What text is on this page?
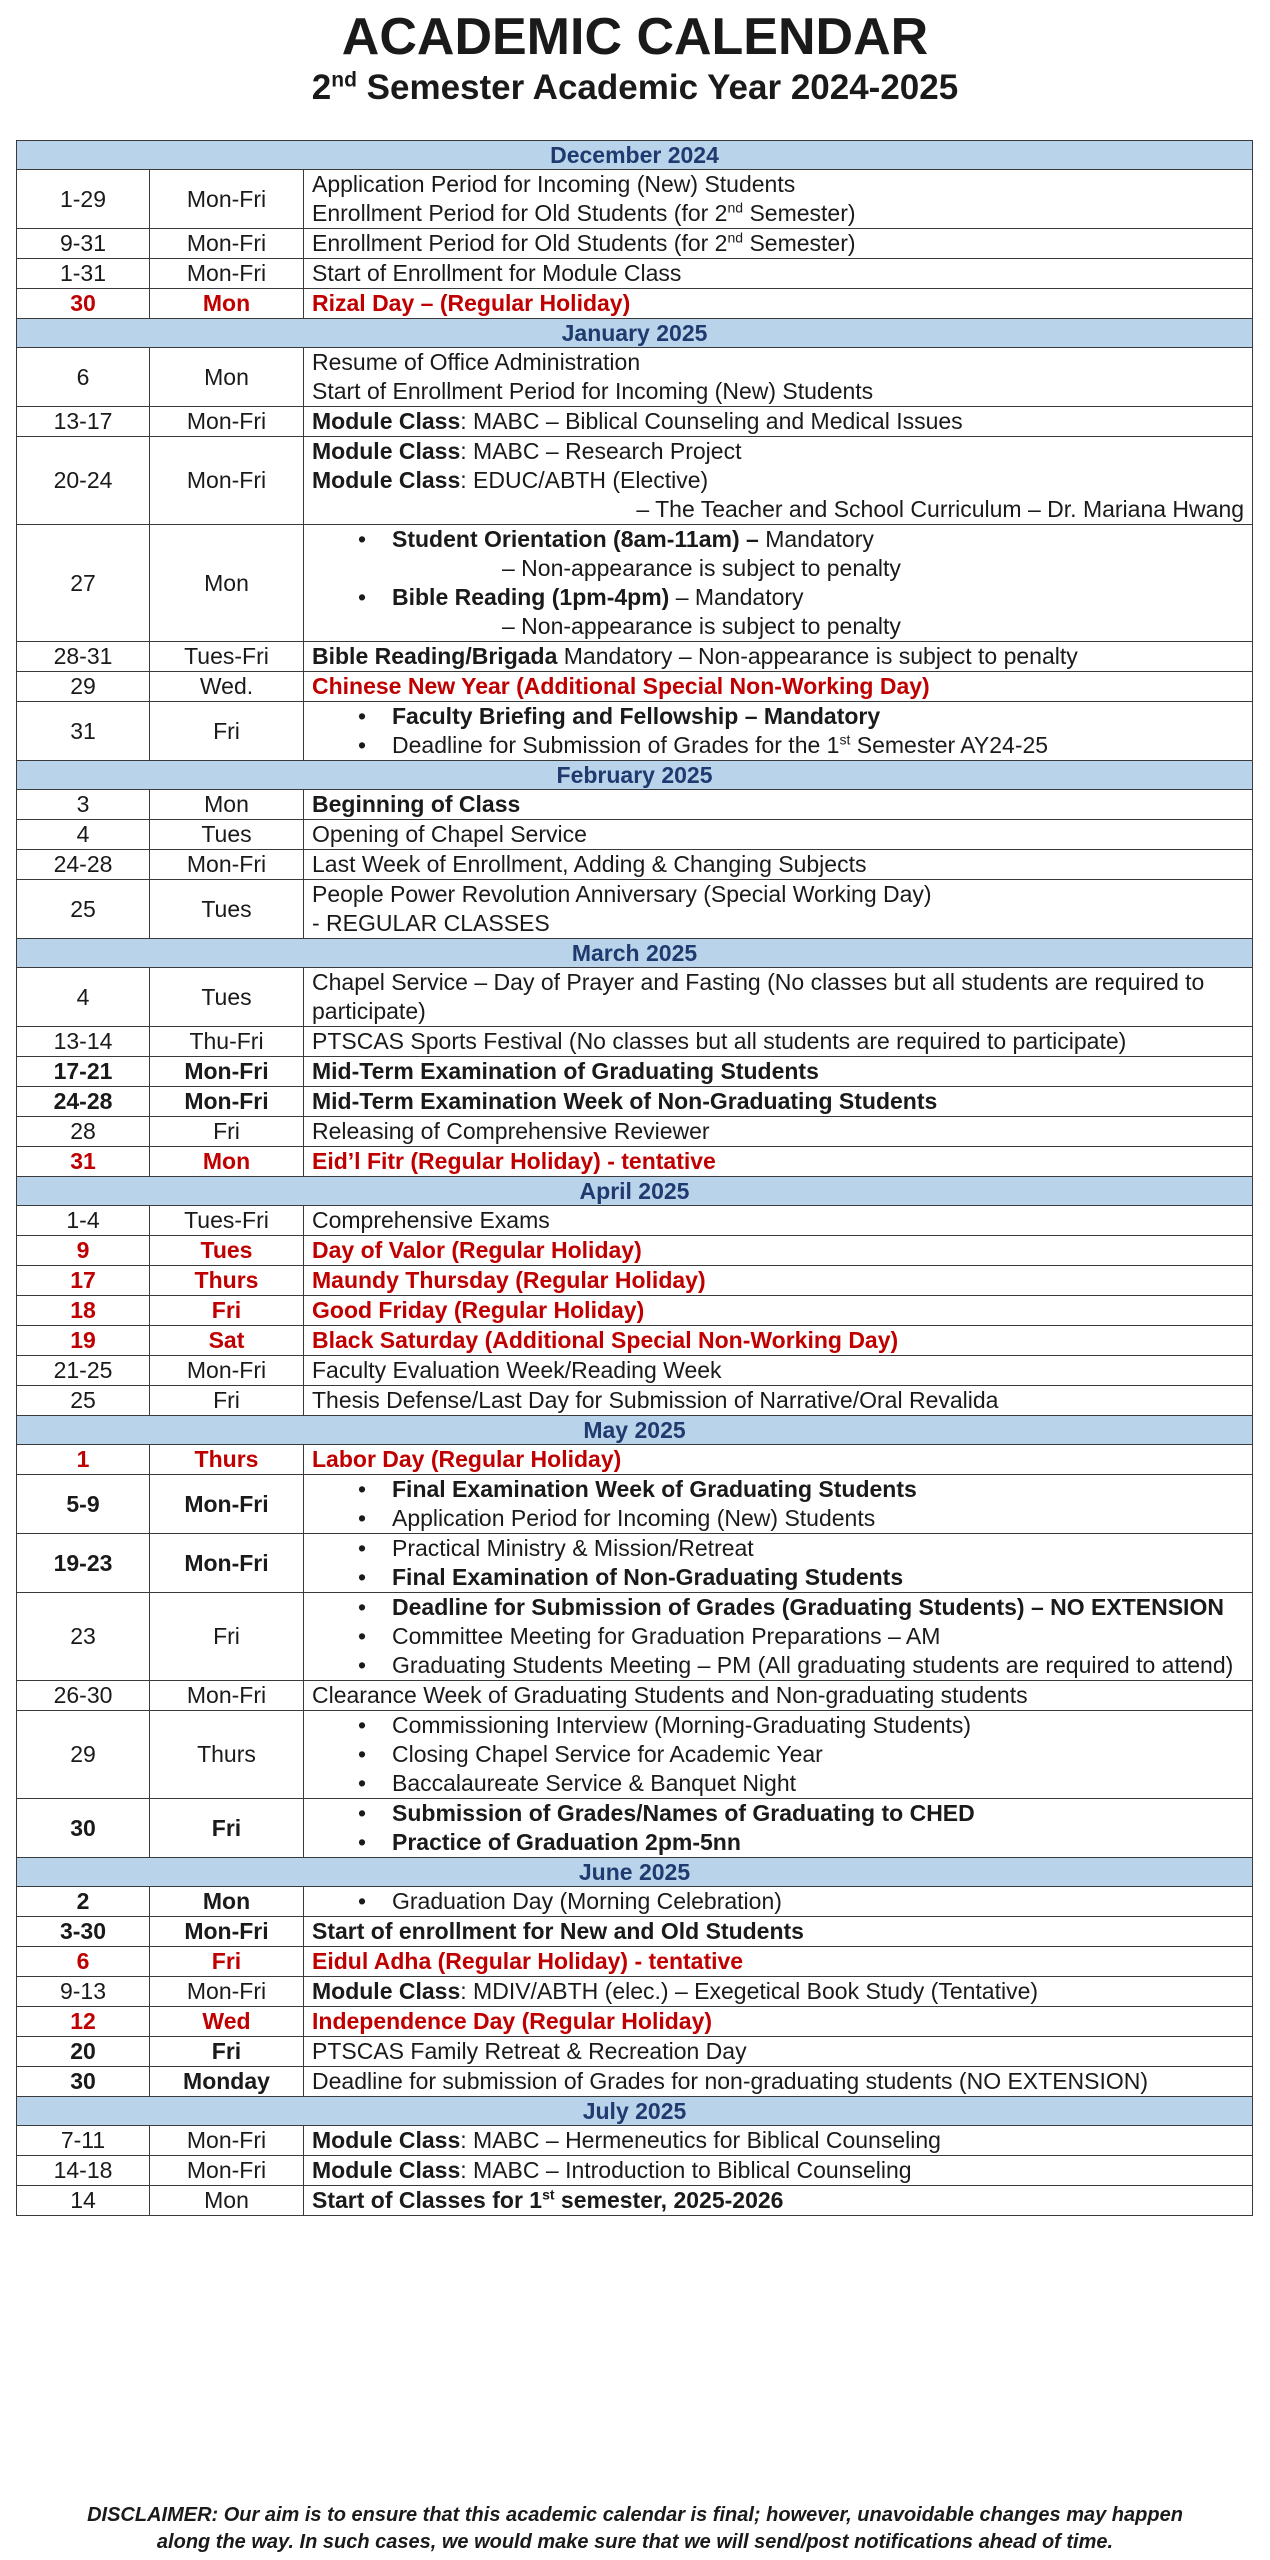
ACADEMIC CALENDAR
2nd Semester Academic Year 2024-2025
December 2024		
1-29	Mon-Fri	Application Period for Incoming (New) Students
Enrollment Period for Old Students (for 2nd Semester)

9-31	Mon-Fri	Enrollment Period for Old Students (for 2nd Semester)

1-31	Mon-Fri	Start of Enrollment for Module Class

30	Mon	Rizal Day – (Regular Holiday)

January 2025		
6	Mon	Resume of Office Administration
Start of Enrollment Period for Incoming (New) Students

13-17	Mon-Fri	Module Class: MABC – Biblical Counseling and Medical Issues

20-24	Mon-Fri	Module Class: MABC – Research Project
Module Class: EDUC/ABTH (Elective)
– The Teacher and School Curriculum – Dr. Mariana Hwang

27	Mon	• Student Orientation (8am-11am) – Mandatory
– Non-appearance is subject to penalty
• Bible Reading (1pm-4pm) – Mandatory
– Non-appearance is subject to penalty

28-31	Tues-Fri	Bible Reading/Brigada Mandatory – Non-appearance is subject to penalty

29	Wed.	Chinese New Year (Additional Special Non-Working Day)

31	Fri	• Faculty Briefing and Fellowship – Mandatory
• Deadline for Submission of Grades for the 1st Semester AY24-25

February 2025		
3	Mon	Beginning of Class

4	Tues	Opening of Chapel Service

24-28	Mon-Fri	Last Week of Enrollment, Adding & Changing Subjects

25	Tues	People Power Revolution Anniversary (Special Working Day)
- REGULAR CLASSES

March 2025		
4	Tues	Chapel Service – Day of Prayer and Fasting (No classes but all students are required to participate)

13-14	Thu-Fri	PTSCAS Sports Festival (No classes but all students are required to participate)

17-21	Mon-Fri	Mid-Term Examination of Graduating Students

24-28	Mon-Fri	Mid-Term Examination Week of Non-Graduating Students

28	Fri	Releasing of Comprehensive Reviewer

31	Mon	Eid’l Fitr (Regular Holiday) - tentative

April 2025		
1-4	Tues-Fri	Comprehensive Exams

9	Tues	Day of Valor (Regular Holiday)

17	Thurs	Maundy Thursday (Regular Holiday)

18	Fri	Good Friday (Regular Holiday)

19	Sat	Black Saturday (Additional Special Non-Working Day)

21-25	Mon-Fri	Faculty Evaluation Week/Reading Week

25	Fri	Thesis Defense/Last Day for Submission of Narrative/Oral Revalida

May 2025		
1	Thurs	Labor Day (Regular Holiday)

5-9	Mon-Fri	• Final Examination Week of Graduating Students
• Application Period for Incoming (New) Students

19-23	Mon-Fri	• Practical Ministry & Mission/Retreat
• Final Examination of Non-Graduating Students

23	Fri	• Deadline for Submission of Grades (Graduating Students) – NO EXTENSION
• Committee Meeting for Graduation Preparations – AM
• Graduating Students Meeting – PM (All graduating students are required to attend)

26-30	Mon-Fri	Clearance Week of Graduating Students and Non-graduating students

29	Thurs	• Commissioning Interview (Morning-Graduating Students)
• Closing Chapel Service for Academic Year
• Baccalaureate Service & Banquet Night

30	Fri	• Submission of Grades/Names of Graduating to CHED
• Practice of Graduation 2pm-5nn

June 2025		
2	Mon	• Graduation Day (Morning Celebration)

3-30	Mon-Fri	Start of enrollment for New and Old Students

6	Fri	Eidul Adha (Regular Holiday) - tentative

9-13	Mon-Fri	Module Class: MDIV/ABTH (elec.) – Exegetical Book Study (Tentative)

12	Wed	Independence Day (Regular Holiday)

20	Fri	PTSCAS Family Retreat & Recreation Day

30	Monday	Deadline for submission of Grades for non-graduating students (NO EXTENSION)

July 2025		
7-11	Mon-Fri	Module Class: MABC – Hermeneutics for Biblical Counseling

14-18	Mon-Fri	Module Class: MABC – Introduction to Biblical Counseling

14	Mon	Start of Classes for 1st semester, 2025-2026
DISCLAIMER: Our aim is to ensure that this academic calendar is final; however, unavoidable changes may happen
along the way. In such cases, we would make sure that we will send/post notifications ahead of time.
